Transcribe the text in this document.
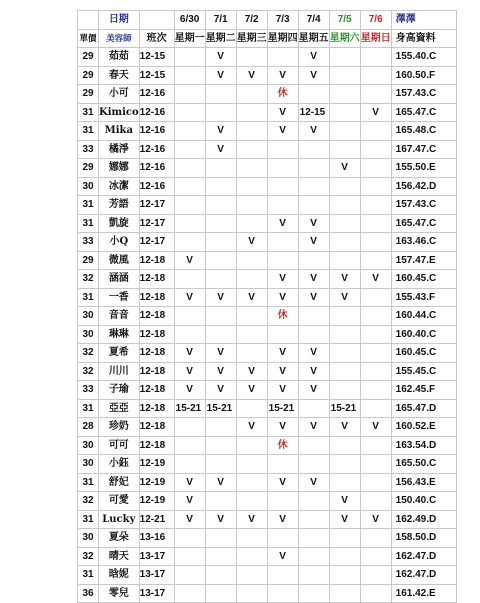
	日期		6/30	7/1	7/2	7/3	7/4	7/5	7/6	澤澤
單價	美容師	班次	星期一	星期二	星期三	星期四	星期五	星期六	星期日	身高資料
29	茹茹	12-15		V			V			155.40.C
29	春天	12-15		V	V	V	V			160.50.F
29	小可	12-16				休				157.43.C
31	Kimico	12-16				V	12-15		V	165.47.C
31	Mika	12-16		V		V	V			165.48.C
33	橘淨	12-16		V						167.47.C
29	娜娜	12-16						V		155.50.E
30	冰潔	12-16								156.42.D
31	芳語	12-17								157.43.C
31	凱旋	12-17				V	V			165.47.C
33	小Q	12-17			V		V			163.46.C
29	微風	12-18	V							157.47.E
32	涵涵	12-18				V	V	V	V	160.45.C
31	一香	12-18	V	V	V	V	V	V		155.43.F
30	音音	12-18				休				160.44.C
30	琳琳	12-18								160.40.C
32	夏希	12-18	V	V		V	V			160.45.C
32	川川	12-18	V	V	V	V	V			155.45.C
33	子瑜	12-18	V	V	V	V	V			162.45.F
31	亞亞	12-18	15-21	15-21		15-21		15-21		165.47.D
28	珍奶	12-18			V	V	V	V	V	160.52.E
30	可可	12-18				休				163.54.D
30	小鈺	12-19								165.50.C
31	舒妃	12-19	V	V		V	V			156.43.E
32	可愛	12-19	V					V		150.40.C
31	Lucky	12-21	V	V	V	V		V	V	162.49.D
30	夏朵	13-16								158.50.D
32	晴天	13-17				V				162.47.D
31	晗妮	13-17								162.47.D
36	零兒	13-17								161.42.E
